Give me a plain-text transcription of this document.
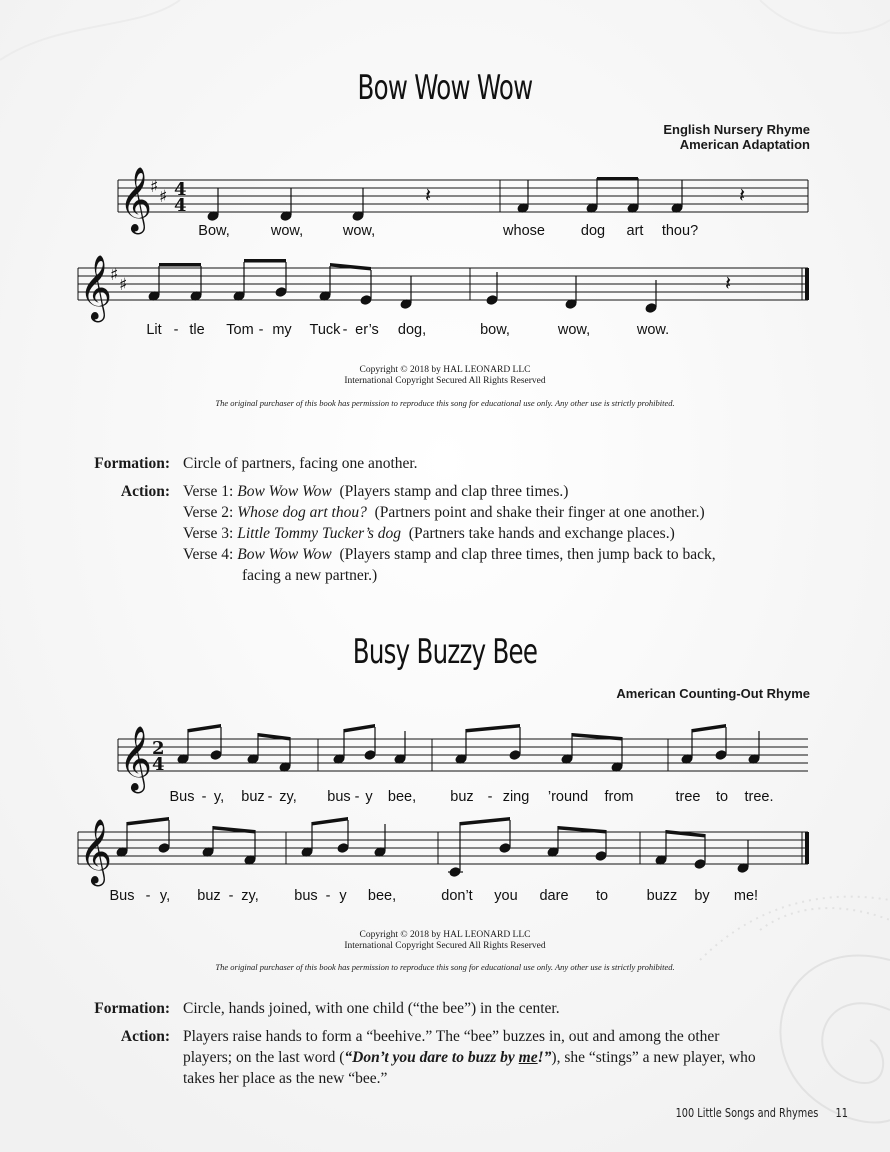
Bow Wow Wow
English Nursery Rhyme
American Adaptation
𝄞
♯ ♯ 4
4	𝄽	𝄽
Bow,	wow,	wow,	whose dog art thou?
𝄞
♯ ♯	𝄽
Lit - tle Tom - my Tuck - er’s dog,	bow,	wow,	wow.
Copyright © 2018 by HAL LEONARD LLC
International Copyright Secured All Rights Reserved
The original purchaser of this book has permission to reproduce this song for educational use only. Any other use is strictly prohibited.
Formation: Circle of partners, facing one another.
Action: Verse 1: Bow Wow Wow (Players stamp and clap three times.)
Verse 2: Whose dog art thou? (Partners point and shake their finger at one another.)
Verse 3: Little Tommy Tucker’s dog (Partners take hands and exchange places.)
Verse 4: Bow Wow Wow (Players stamp and clap three times, then jump back to back,
facing a new partner.)
Busy Buzzy Bee
American Counting-Out Rhyme
𝄞 2
4
Bus - y, buz - zy, bus - y bee, buz - zing ’round from	tree to tree.
𝄞
Bus - y, buz - zy, bus - y bee,	don’t you dare to	buzz by me!
Copyright © 2018 by HAL LEONARD LLC
International Copyright Secured All Rights Reserved
The original purchaser of this book has permission to reproduce this song for educational use only. Any other use is strictly prohibited.
Formation: Circle, hands joined, with one child (“the bee”) in the center.
Action: Players raise hands to form a “beehive.” The “bee” buzzes in, out and among the other
players; on the last word (“Don’t you dare to buzz by me!”), she “stings” a new player, who
takes her place as the new “bee.”
100 Little Songs and Rhymes 11
